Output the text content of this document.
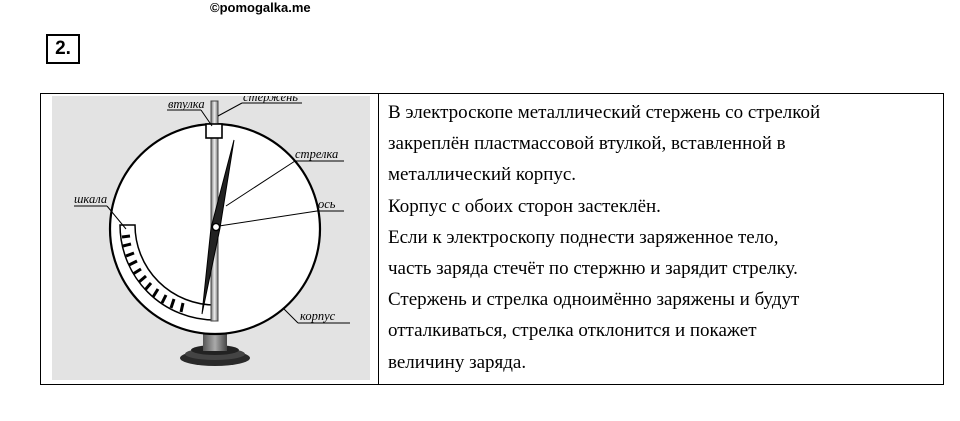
©pomogalka.me
2.
втулка	стержень
стрелка
ось
шкала
корпус
В электроскопе металлический стержень со стрелкой
закреплён пластмассовой втулкой, вставленной в
металлический корпус.
Корпус с обоих сторон застеклён.
Если к электроскопу поднести заряженное тело,
часть заряда стечёт по стержню и зарядит стрелку.
Стержень и стрелка одноимённо заряжены и будут
отталкиваться, стрелка отклонится и покажет
величину заряда.
